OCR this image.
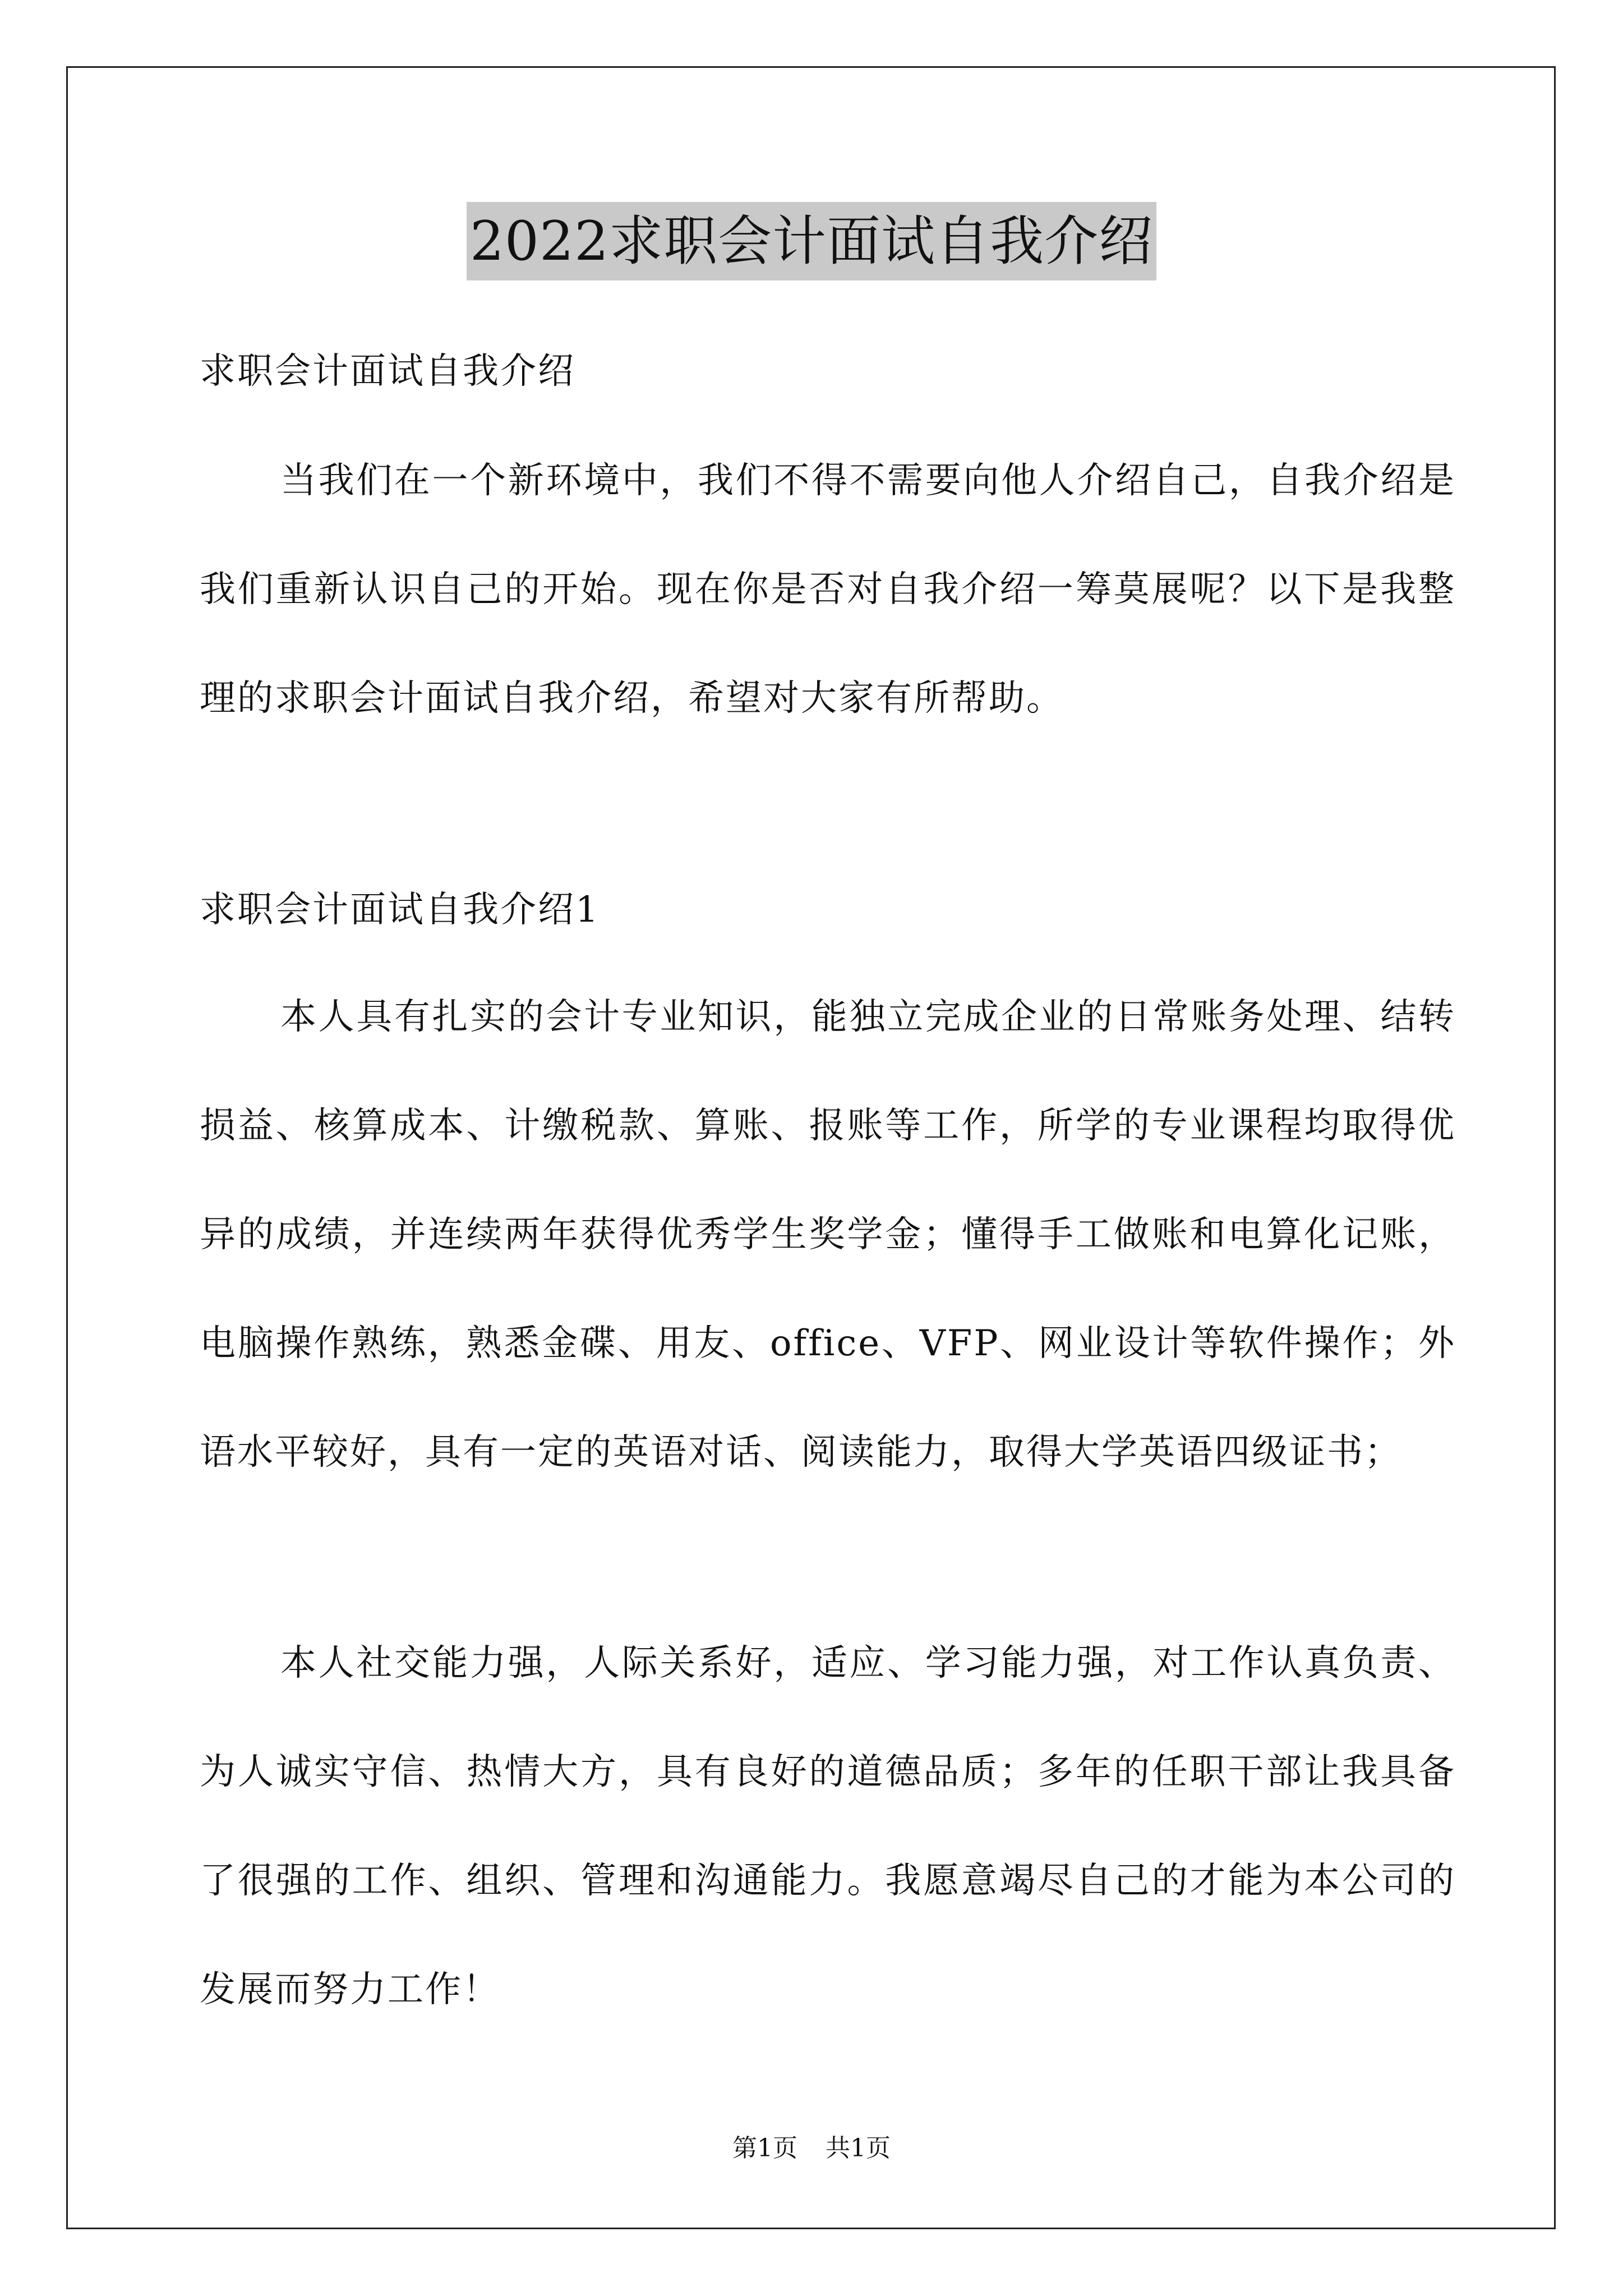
2022求职会计面试自我介绍
求职会计面试自我介绍
当我们在一个新环境中，我们不得不需要向他人介绍自己，自我介绍是我们重新认识自己的开始。现在你是否对自我介绍一筹莫展呢？以下是我整理的求职会计面试自我介绍，希望对大家有所帮助。
求职会计面试自我介绍1
本人具有扎实的会计专业知识，能独立完成企业的日常账务处理、结转损益、核算成本、计缴税款、算账、报账等工作，所学的专业课程均取得优异的成绩，并连续两年获得优秀学生奖学金；懂得手工做账和电算化记账，电脑操作熟练，熟悉金碟、用友、office、VFP、网业设计等软件操作；外语水平较好，具有一定的英语对话、阅读能力，取得大学英语四级证书；
本人社交能力强，人际关系好，适应、学习能力强，对工作认真负责、为人诚实守信、热情大方，具有良好的道德品质；多年的任职干部让我具备了很强的工作、组织、管理和沟通能力。我愿意竭尽自己的才能为本公司的发展而努力工作！
第1页 共1页
